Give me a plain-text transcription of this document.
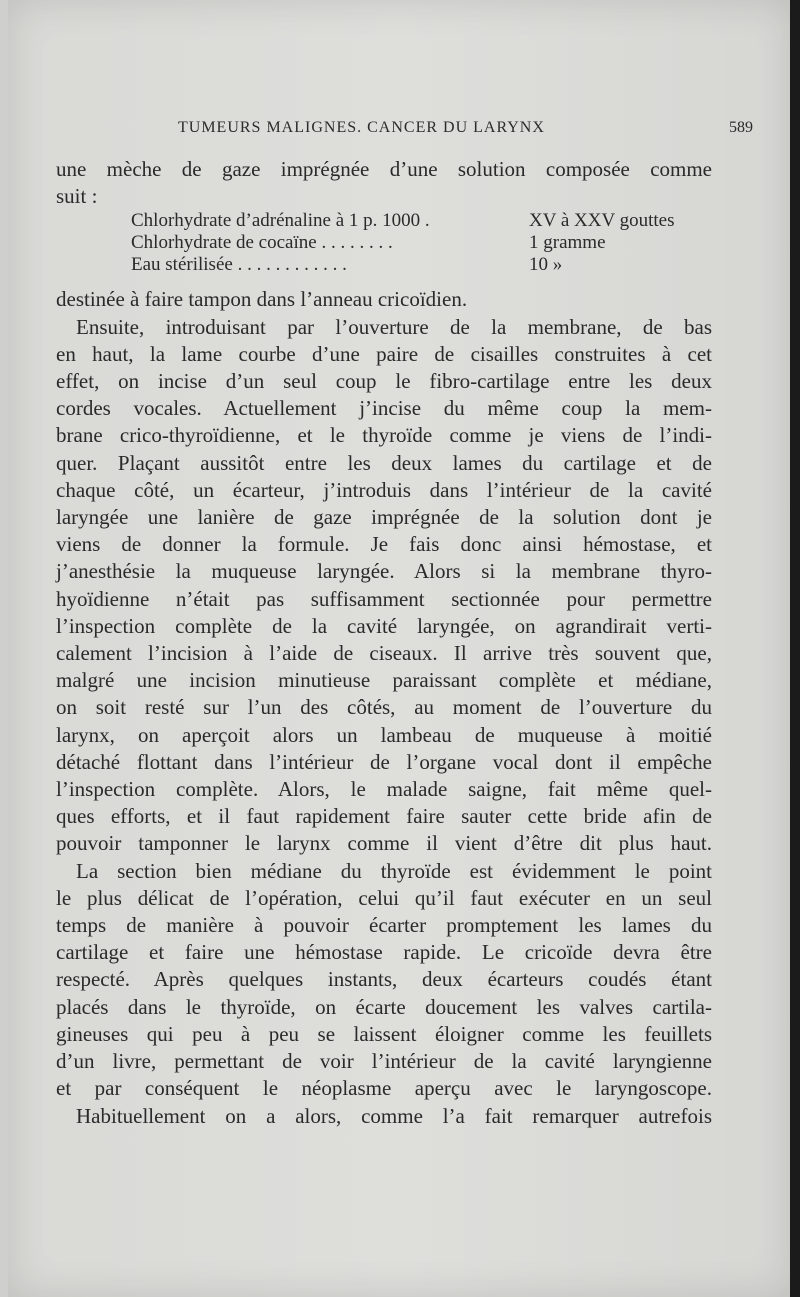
TUMEURS MALIGNES. CANCER DU LARYNX	589
une mèche de gaze imprégnée d’une solution composée comme
suit :
Chlorhydrate d’adrénaline à 1 p. 1000 .	XV à XXV gouttes
Chlorhydrate de cocaïne . . . . . . . .	1 gramme
Eau stérilisée . . . . . . . . . . . .	10 »
destinée à faire tampon dans l’anneau cricoïdien.
Ensuite, introduisant par l’ouverture de la membrane, de bas
en haut, la lame courbe d’une paire de cisailles construites à cet
effet, on incise d’un seul coup le fibro-cartilage entre les deux
cordes vocales. Actuellement j’incise du même coup la mem-
brane crico-thyroïdienne, et le thyroïde comme je viens de l’indi-
quer. Plaçant aussitôt entre les deux lames du cartilage et de
chaque côté, un écarteur, j’introduis dans l’intérieur de la cavité
laryngée une lanière de gaze imprégnée de la solution dont je
viens de donner la formule. Je fais donc ainsi hémostase, et
j’anesthésie la muqueuse laryngée. Alors si la membrane thyro-
hyoïdienne n’était pas suffisamment sectionnée pour permettre
l’inspection complète de la cavité laryngée, on agrandirait verti-
calement l’incision à l’aide de ciseaux. Il arrive très souvent que,
malgré une incision minutieuse paraissant complète et médiane,
on soit resté sur l’un des côtés, au moment de l’ouverture du
larynx, on aperçoit alors un lambeau de muqueuse à moitié
détaché flottant dans l’intérieur de l’organe vocal dont il empêche
l’inspection complète. Alors, le malade saigne, fait même quel-
ques efforts, et il faut rapidement faire sauter cette bride afin de
pouvoir tamponner le larynx comme il vient d’être dit plus haut.
La section bien médiane du thyroïde est évidemment le point
le plus délicat de l’opération, celui qu’il faut exécuter en un seul
temps de manière à pouvoir écarter promptement les lames du
cartilage et faire une hémostase rapide. Le cricoïde devra être
respecté. Après quelques instants, deux écarteurs coudés étant
placés dans le thyroïde, on écarte doucement les valves cartila-
gineuses qui peu à peu se laissent éloigner comme les feuillets
d’un livre, permettant de voir l’intérieur de la cavité laryngienne
et par conséquent le néoplasme aperçu avec le laryngoscope.
Habituellement on a alors, comme l’a fait remarquer autrefois
